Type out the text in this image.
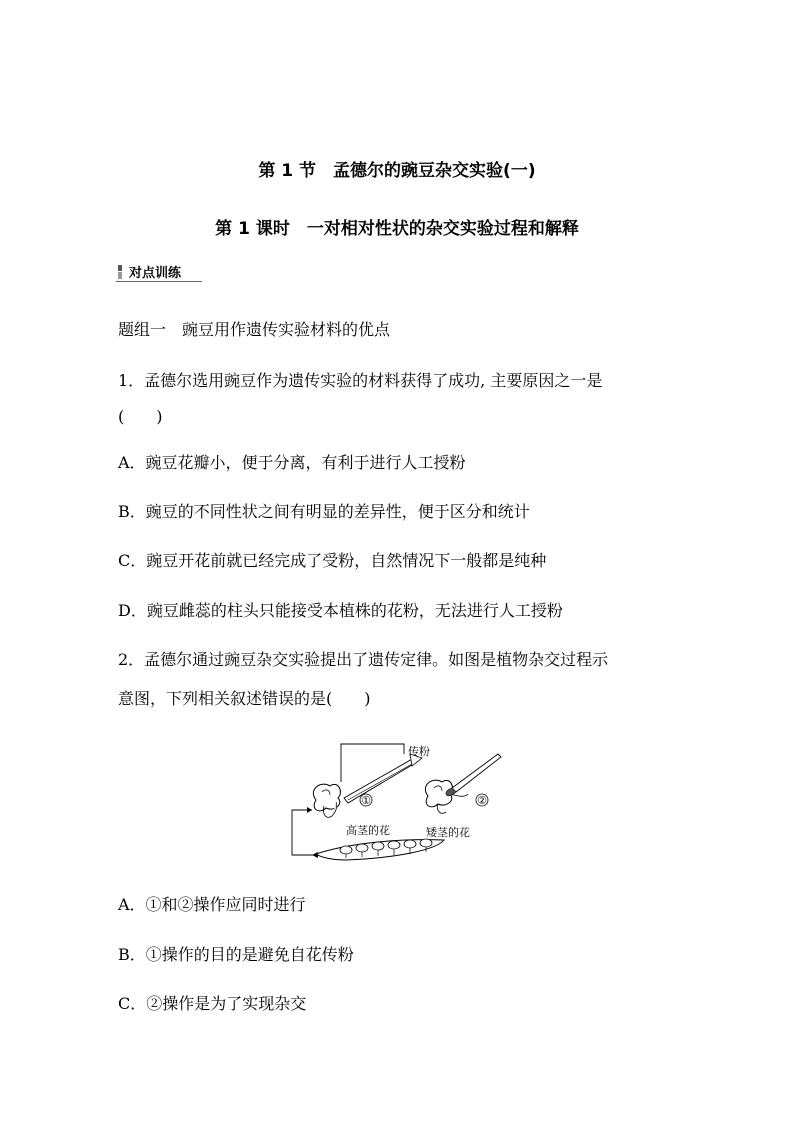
第 1 节　孟德尔的豌豆杂交实验(一)
第 1 课时　一对相对性状的杂交实验过程和解释
对点训练
题组一　豌豆用作遗传实验材料的优点
1．孟德尔选用豌豆作为遗传实验的材料获得了成功, 主要原因之一是
(　　)
A．豌豆花瓣小，便于分离，有利于进行人工授粉
B．豌豆的不同性状之间有明显的差异性，便于区分和统计
C．豌豆开花前就已经完成了受粉，自然情况下一般都是纯种
D．豌豆雌蕊的柱头只能接受本植株的花粉，无法进行人工授粉
2．孟德尔通过豌豆杂交实验提出了遗传定律。如图是植物杂交过程示
意图，下列相关叙述错误的是(　　)
①	②
传粉
高茎的花	矮茎的花
A．①和②操作应同时进行
B．①操作的目的是避免自花传粉
C．②操作是为了实现杂交
